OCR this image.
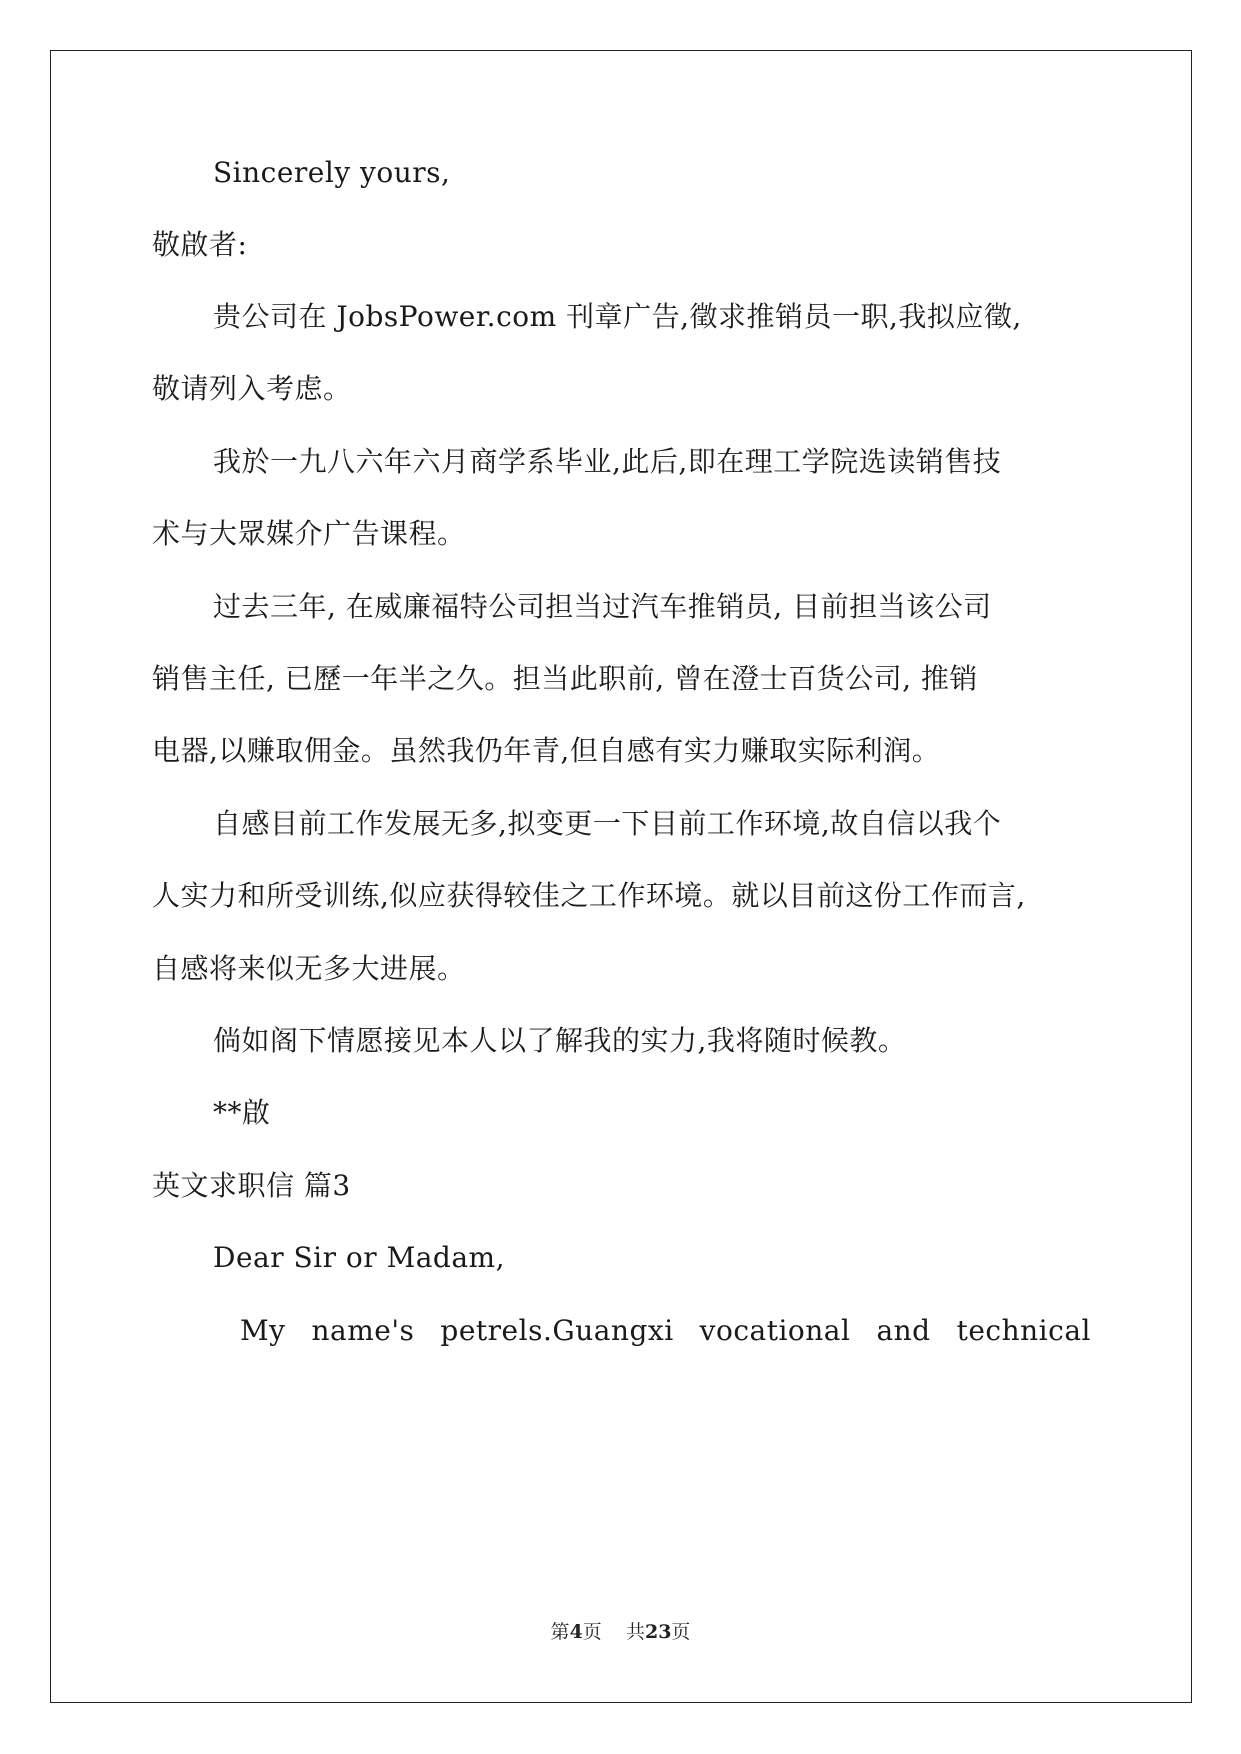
Sincerely yours,
敬啟者:
贵公司在 JobsPower.com 刊章广告,徵求推销员一职,我拟应徵,
敬请列入考虑。
我於一九八六年六月商学系毕业,此后,即在理工学院选读销售技
术与大眾媒介广告课程。
过去三年, 在威廉福特公司担当过汽车推销员, 目前担当该公司
销售主任, 已歷一年半之久。担当此职前, 曾在澄士百货公司, 推销
电器,以赚取佣金。虽然我仍年青,但自感有实力赚取实际利润。
自感目前工作发展无多,拟变更一下目前工作环境,故自信以我个
人实力和所受训练,似应获得较佳之工作环境。就以目前这份工作而言,
自感将来似无多大进展。
倘如阁下情愿接见本人以了解我的实力,我将随时候教。
**啟
英文求职信 篇3
Dear Sir or Madam,
My name's petrels.Guangxi vocational and technical
第4页    共23页
